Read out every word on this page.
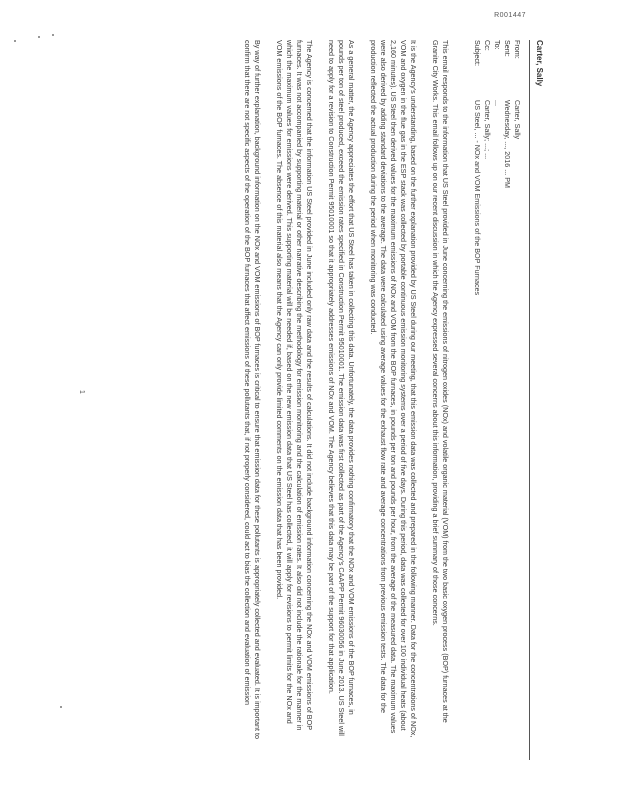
R001447
Carter, Sally
From:
Carter, Sally
Sent:
Wednesday, ..., 2016 ... PM
To:
...
Cc:
Carter, Sally; ...; ...
Subject:
US Steel, ... - NOx and VOM Emissions of the BOP Furnaces

This email responds to the information that US Steel provided in June concerning the emissions of nitrogen oxides (NOx) and volatile organic material (VOM) from the two basic oxygen process (BOP) furnaces at the Granite City Works. This email follows up on our recent discussion in which the Agency expressed several concerns about this information, providing a brief summary of those concerns.

It is the Agency's understanding, based on the further explanation provided by US Steel during our meeting, that this emission data was collected and prepared in the following manner. Data for the concentrations of NOx, VOM and oxygen in the flue gas in the ESP stack was collected by portable continuous emission monitoring systems over a period of five days. During this period, data was collected for over 100 individual heats (about 2,160 minutes). US Steel then derived values for the maximum emissions of NOx and VOM from the BOP furnaces, in pounds per ton and pounds per hour, from the average of the measured data. The maximum values were also derived by adding standard deviations to the average. The data were calculated using average values for the exhaust flow rate and average concentrations from previous emission tests. The data for the production reflected the actual production during the period when monitoring was conducted.

As a general matter, the Agency appreciates the effort that US Steel has taken in collecting this data. Unfortunately, the data provides nothing confirmatory that the NOx and VOM emissions of the BOP furnaces, in pounds per ton of steel produced, exceed the emission rates specified in Construction Permit 95010001. The emission data was first collected as part of the Agency's CAAPP Permit 96030056 in June 2013. US Steel will need to apply for a revision to Construction Permit 95010001 so that it appropriately addresses emissions of NOx and VOM. The Agency believes that this data may be part of the support for that application.

The Agency is concerned that the information US Steel provided in June included only raw data and the results of calculations. It did not include background information concerning the NOx and VOM emissions of BOP furnaces. It was not accompanied by supporting material or other narrative describing the methodology for emission monitoring and the calculation of emission rates. It also did not include the rationale for the manner in which the maximum values for emissions were derived. This supporting material will be needed if, based on the new emission data that US Steel has collected, it will apply for revisions to permit limits for the NOx and VOM emissions of the BOP furnaces. The absence of this material also means that the Agency can only provide limited comments on the emission data that has been provided.

By way of further explanation, background information on the NOx and VOM emissions of BOP furnaces is critical to ensure that emission data for these pollutants is appropriately collected and evaluated. It is important to confirm that there are not specific aspects of the operation of the BOP furnaces that affect emissions of these pollutants that, if not properly considered, could act to bias the collection and evaluation of emission

1
